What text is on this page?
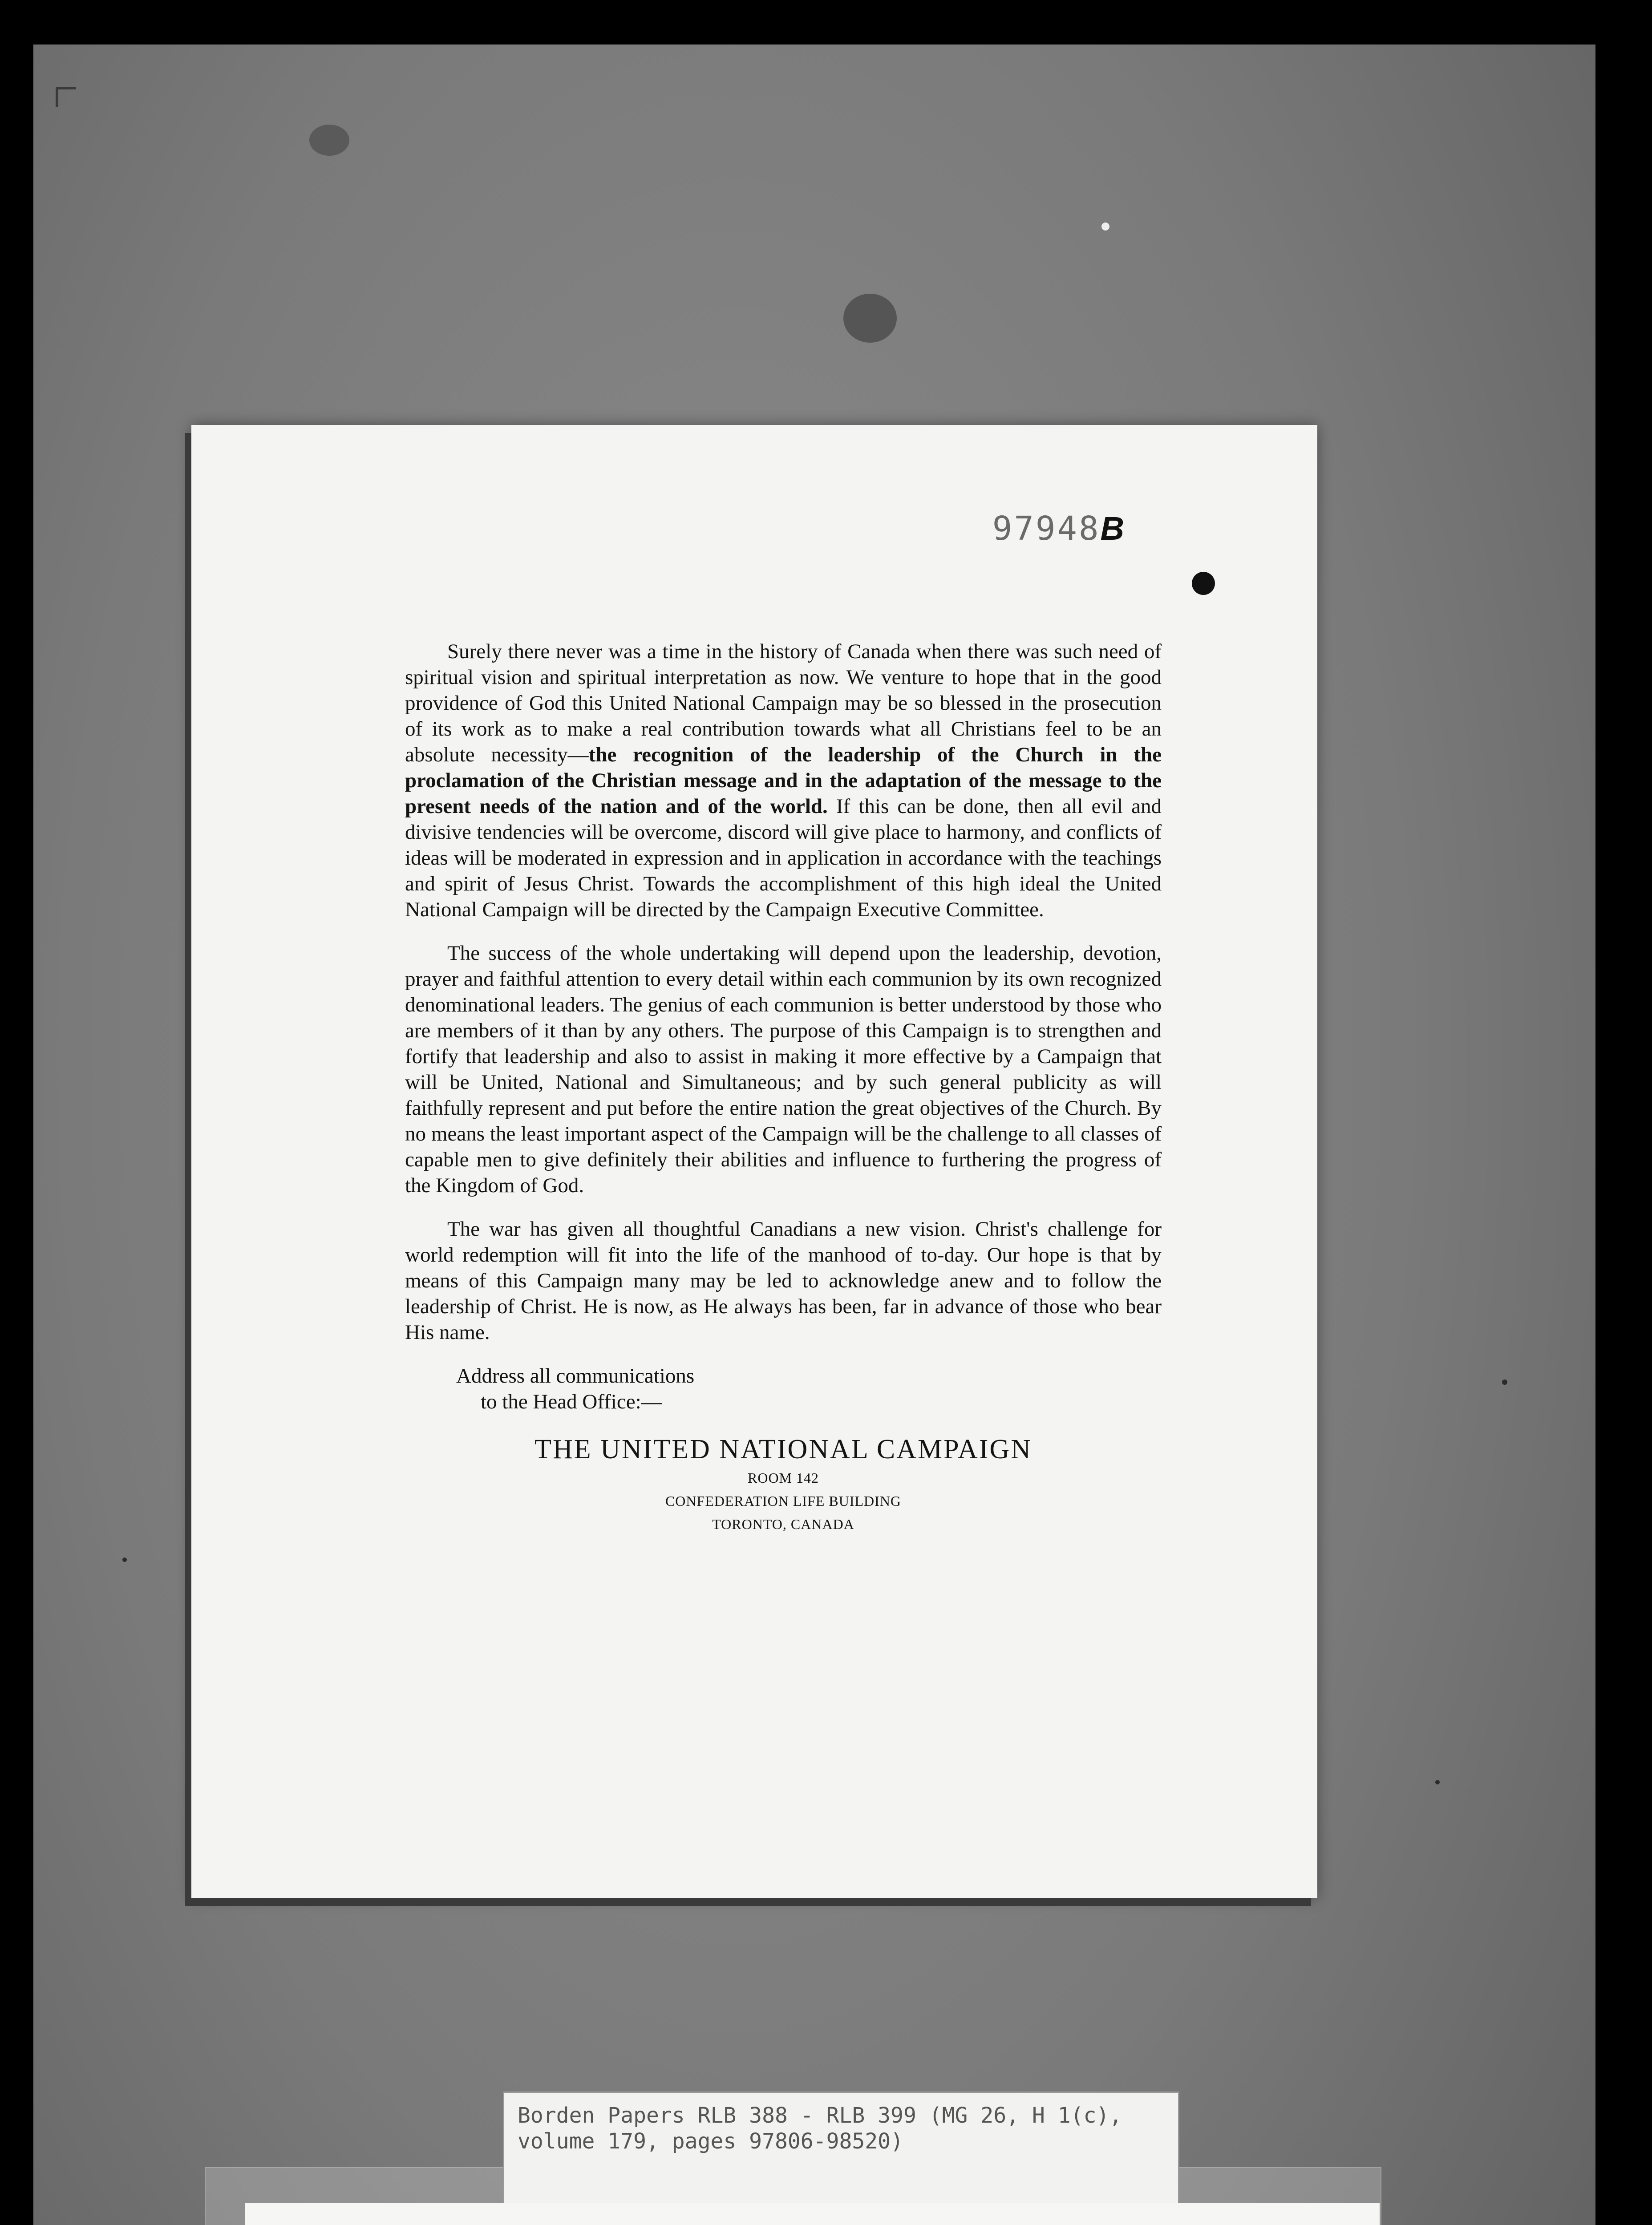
97948B

Surely there never was a time in the history of Canada when there was such need of spiritual vision and spiritual interpretation as now. We venture to hope that in the good providence of God this United National Campaign may be so blessed in the prosecution of its work as to make a real contribution towards what all Christians feel to be an absolute necessity—the recognition of the leadership of the Church in the proclamation of the Christian message and in the adaptation of the message to the present needs of the nation and of the world. If this can be done, then all evil and divisive tendencies will be overcome, discord will give place to harmony, and conflicts of ideas will be moderated in expression and in application in accordance with the teachings and spirit of Jesus Christ. Towards the accomplishment of this high ideal the United National Campaign will be directed by the Campaign Executive Committee.

The success of the whole undertaking will depend upon the leadership, devotion, prayer and faithful attention to every detail within each communion by its own recognized denominational leaders. The genius of each communion is better understood by those who are members of it than by any others. The purpose of this Campaign is to strengthen and fortify that leadership and also to assist in making it more effective by a Campaign that will be United, National and Simultaneous; and by such general publicity as will faithfully represent and put before the entire nation the great objectives of the Church. By no means the least important aspect of the Campaign will be the challenge to all classes of capable men to give definitely their abilities and influence to furthering the progress of the Kingdom of God.

The war has given all thoughtful Canadians a new vision. Christ's challenge for world redemption will fit into the life of the manhood of to-day. Our hope is that by means of this Campaign many may be led to acknowledge anew and to follow the leadership of Christ. He is now, as He always has been, far in advance of those who bear His name.

Address all communications
to the Head Office:—
THE UNITED NATIONAL CAMPAIGN
ROOM 142
CONFEDERATION LIFE BUILDING
TORONTO, CANADA
Borden Papers RLB 388 - RLB 399 (MG 26, H 1(c),
volume 179, pages 97806-98520)
